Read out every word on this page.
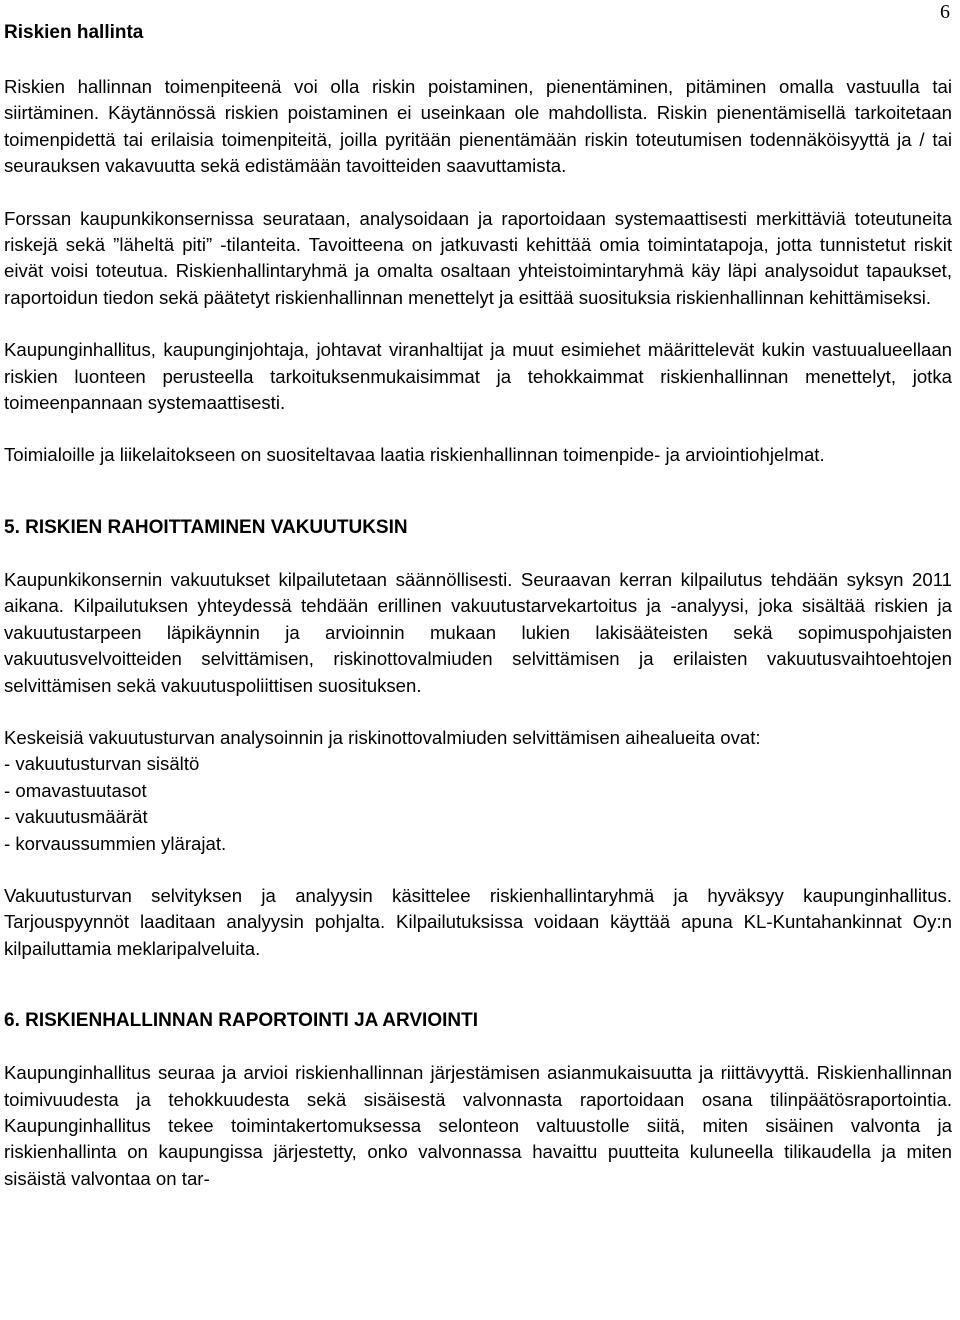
6
Riskien hallinta

Riskien hallinnan toimenpiteenä voi olla riskin poistaminen, pienentäminen, pitäminen omalla vastuulla tai siirtäminen. Käytännössä riskien poistaminen ei useinkaan ole mahdollista. Riskin pienentämisellä tarkoitetaan toimenpidettä tai erilaisia toimenpiteitä, joilla pyritään pienentämään riskin toteutumisen todennäköisyyttä ja / tai seurauksen vakavuutta sekä edistämään tavoitteiden saavuttamista.

Forssan kaupunkikonsernissa seurataan, analysoidaan ja raportoidaan systemaattisesti merkittäviä toteutuneita riskejä sekä ”läheltä piti” -tilanteita. Tavoitteena on jatkuvasti kehittää omia toimintatapoja, jotta tunnistetut riskit eivät voisi toteutua. Riskienhallintaryhmä ja omalta osaltaan yhteistoimintaryhmä käy läpi analysoidut tapaukset, raportoidun tiedon sekä päätetyt riskienhallinnan menettelyt ja esittää suosituksia riskienhallinnan kehittämiseksi.

Kaupunginhallitus, kaupunginjohtaja, johtavat viranhaltijat ja muut esimiehet määrittelevät kukin vastuualueellaan riskien luonteen perusteella tarkoituksenmukaisimmat ja tehokkaimmat riskienhallinnan menettelyt, jotka toimeenpannaan systemaattisesti.

Toimialoille ja liikelaitokseen on suositeltavaa laatia riskienhallinnan toimenpide- ja arviointiohjelmat.

5. RISKIEN RAHOITTAMINEN VAKUUTUKSIN

Kaupunkikonsernin vakuutukset kilpailutetaan säännöllisesti. Seuraavan kerran kilpailutus tehdään syksyn 2011 aikana. Kilpailutuksen yhteydessä tehdään erillinen vakuutustarvekartoitus ja -analyysi, joka sisältää riskien ja vakuutustarpeen läpikäynnin ja arvioinnin mukaan lukien lakisääteisten sekä sopimuspohjaisten vakuutusvelvoitteiden selvittämisen, riskinottovalmiuden selvittämisen ja erilaisten vakuutusvaihtoehtojen selvittämisen sekä vakuutuspoliittisen suosituksen.

Keskeisiä vakuutusturvan analysoinnin ja riskinottovalmiuden selvittämisen aihealueita ovat:

- vakuutusturvan sisältö
- omavastuutasot
- vakuutusmäärät
- korvaussummien ylärajat.

Vakuutusturvan selvityksen ja analyysin käsittelee riskienhallintaryhmä ja hyväksyy kaupunginhallitus. Tarjouspyynnöt laaditaan analyysin pohjalta. Kilpailutuksissa voidaan käyttää apuna KL-Kuntahankinnat Oy:n kilpailuttamia meklaripalveluita.

6. RISKIENHALLINNAN RAPORTOINTI JA ARVIOINTI

Kaupunginhallitus seuraa ja arvioi riskienhallinnan järjestämisen asianmukaisuutta ja riittävyyttä. Riskienhallinnan toimivuudesta ja tehokkuudesta sekä sisäisestä valvonnasta raportoidaan osana tilinpäätösraportointia. Kaupunginhallitus tekee toimintakertomuksessa selonteon valtuustolle siitä, miten sisäinen valvonta ja riskienhallinta on kaupungissa järjestetty, onko valvonnassa havaittu puutteita kuluneella tilikaudella ja miten sisäistä valvontaa on tar-
